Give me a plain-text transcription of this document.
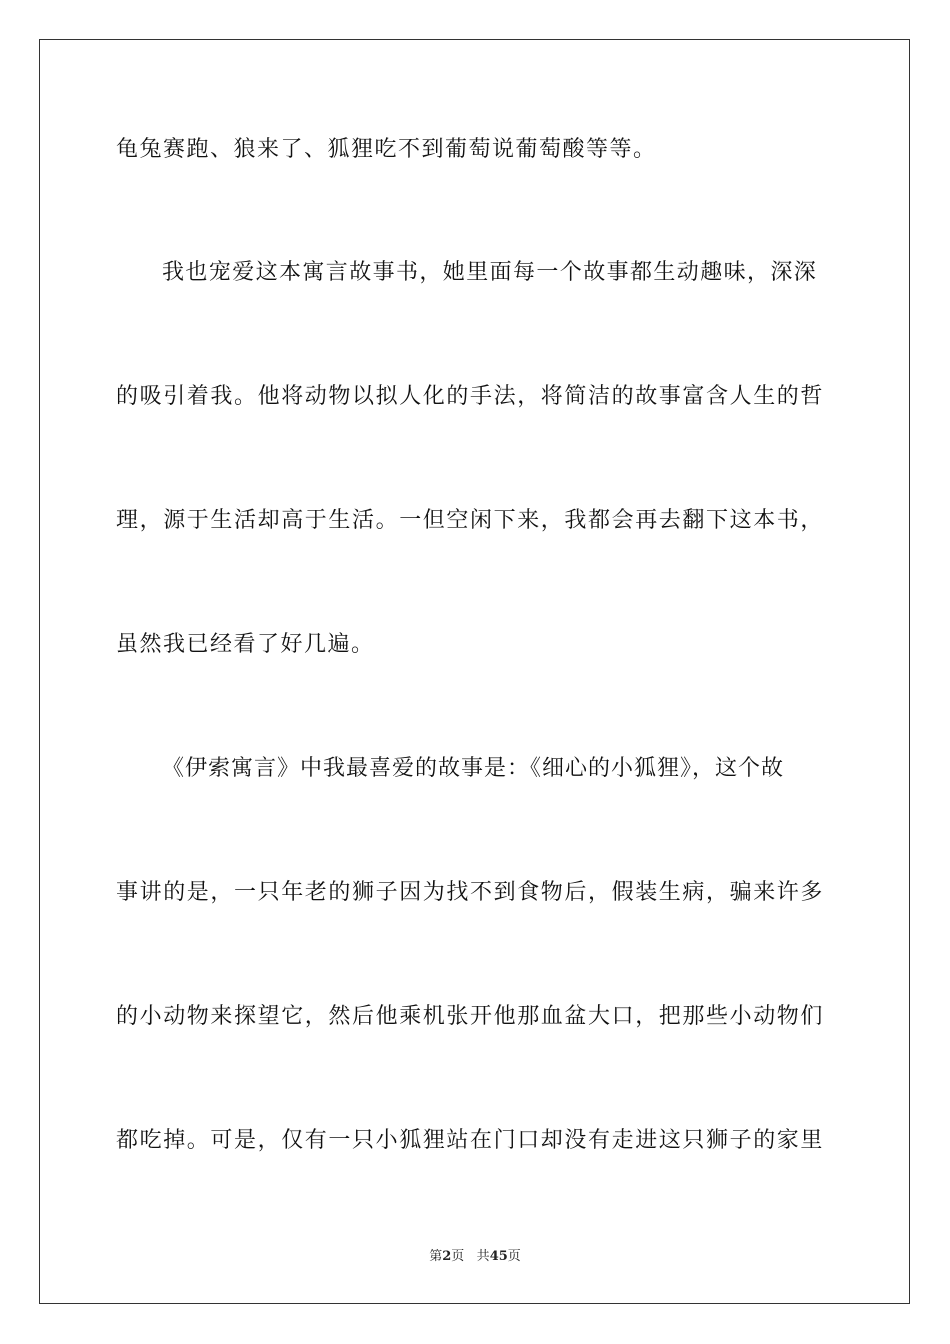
龟兔赛跑、狼来了、狐狸吃不到葡萄说葡萄酸等等。
我也宠爱这本寓言故事书，她里面每一个故事都生动趣味，深深
的吸引着我。他将动物以拟人化的手法，将简洁的故事富含人生的哲
理，源于生活却高于生活。一但空闲下来，我都会再去翻下这本书，
虽然我已经看了好几遍。
《伊索寓言》中我最喜爱的故事是：《细心的小狐狸》，这个故
事讲的是，一只年老的狮子因为找不到食物后，假装生病，骗来许多
的小动物来探望它，然后他乘机张开他那血盆大口，把那些小动物们
都吃掉。可是，仅有一只小狐狸站在门口却没有走进这只狮子的家里
第2页 共45页
